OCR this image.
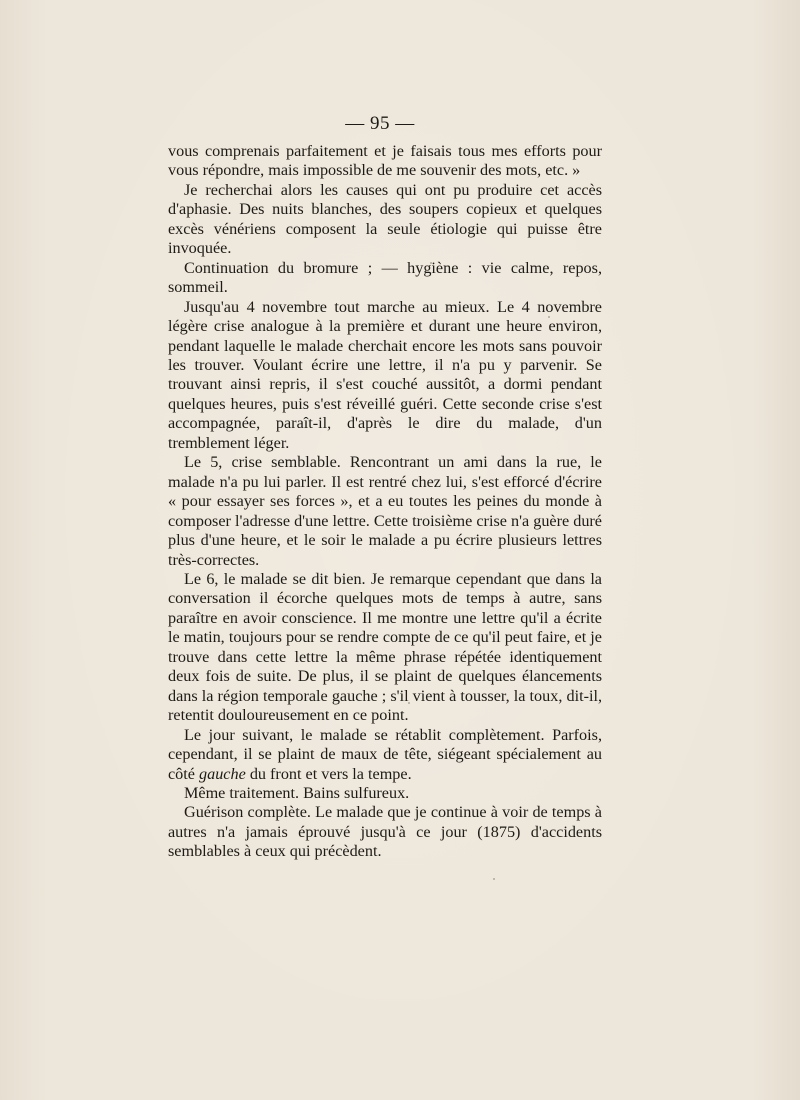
— 95 —

vous comprenais parfaitement et je faisais tous mes efforts pour vous répondre, mais impossible de me souvenir des mots, etc. »

Je recherchai alors les causes qui ont pu produire cet accès d'aphasie. Des nuits blanches, des soupers copieux et quelques excès vénériens composent la seule étiologie qui puisse être invoquée.

Continuation du bromure ; — hygiène : vie calme, repos, sommeil.

Jusqu'au 4 novembre tout marche au mieux. Le 4 novembre légère crise analogue à la première et durant une heure environ, pendant laquelle le malade cherchait encore les mots sans pouvoir les trouver. Voulant écrire une lettre, il n'a pu y parvenir. Se trouvant ainsi repris, il s'est couché aussitôt, a dormi pendant quelques heures, puis s'est réveillé guéri. Cette seconde crise s'est accompagnée, paraît-il, d'après le dire du malade, d'un tremblement léger.

Le 5, crise semblable. Rencontrant un ami dans la rue, le malade n'a pu lui parler. Il est rentré chez lui, s'est efforcé d'écrire « pour essayer ses forces », et a eu toutes les peines du monde à composer l'adresse d'une lettre. Cette troisième crise n'a guère duré plus d'une heure, et le soir le malade a pu écrire plusieurs lettres très-correctes.

Le 6, le malade se dit bien. Je remarque cependant que dans la conversation il écorche quelques mots de temps à autre, sans paraître en avoir conscience. Il me montre une lettre qu'il a écrite le matin, toujours pour se rendre compte de ce qu'il peut faire, et je trouve dans cette lettre la même phrase répétée identiquement deux fois de suite. De plus, il se plaint de quelques élancements dans la région temporale gauche ; s'il vient à tousser, la toux, dit-il, retentit douloureusement en ce point.

Le jour suivant, le malade se rétablit complètement. Parfois, cependant, il se plaint de maux de tête, siégeant spécialement au côté gauche du front et vers la tempe.

Même traitement. Bains sulfureux.

Guérison complète. Le malade que je continue à voir de temps à autres n'a jamais éprouvé jusqu'à ce jour (1875) d'accidents semblables à ceux qui précèdent.
